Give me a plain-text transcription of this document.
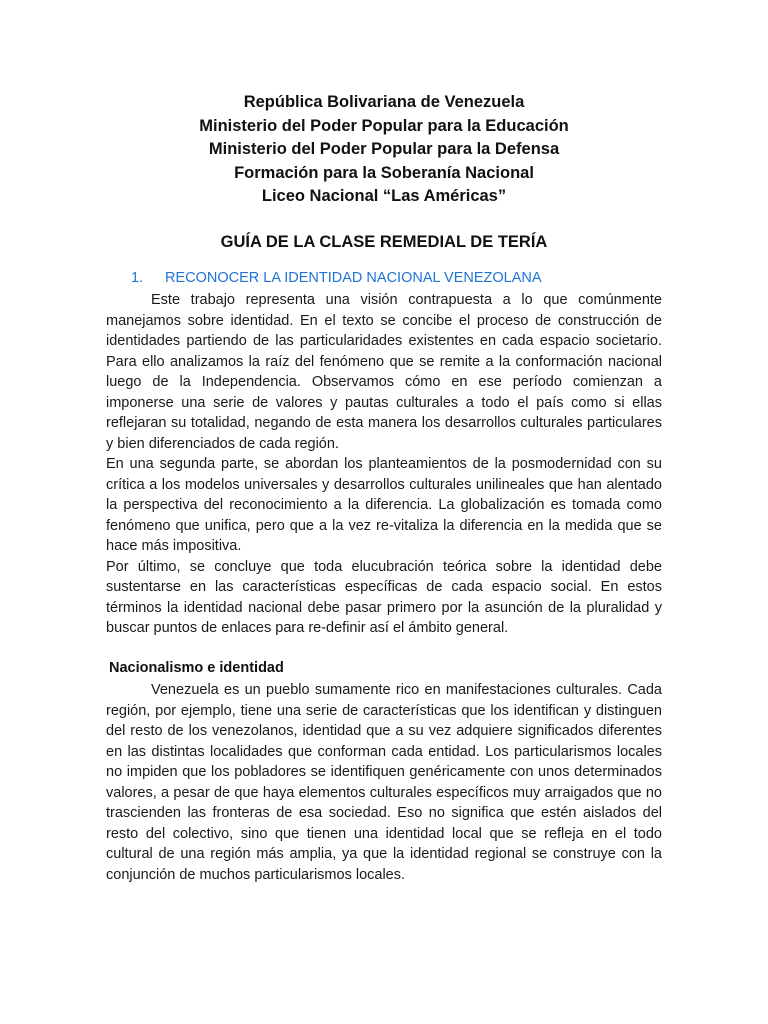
República Bolivariana de Venezuela
Ministerio del Poder Popular para la Educación
Ministerio del Poder Popular para la Defensa
Formación para la Soberanía Nacional
Liceo Nacional “Las Américas”
GUÍA DE LA CLASE REMEDIAL DE TERÍA
1. RECONOCER LA IDENTIDAD NACIONAL VENEZOLANA

Este trabajo representa una visión contrapuesta a lo que comúnmente manejamos sobre identidad. En el texto se concibe el proceso de construcción de identidades partiendo de las particularidades existentes en cada espacio societario. Para ello analizamos la raíz del fenómeno que se remite a la conformación nacional luego de la Independencia. Observamos cómo en ese período comienzan a imponerse una serie de valores y pautas culturales a todo el país como si ellas reflejaran su totalidad, negando de esta manera los desarrollos culturales particulares y bien diferenciados de cada región.

En una segunda parte, se abordan los planteamientos de la posmodernidad con su crítica a los modelos universales y desarrollos culturales unilineales que han alentado la perspectiva del reconocimiento a la diferencia. La globalización es tomada como fenómeno que unifica, pero que a la vez re-vitaliza la diferencia en la medida que se hace más impositiva.

Por último, se concluye que toda elucubración teórica sobre la identidad debe sustentarse en las características específicas de cada espacio social. En estos términos la identidad nacional debe pasar primero por la asunción de la pluralidad y buscar puntos de enlaces para re-definir así el ámbito general.

Nacionalismo e identidad

Venezuela es un pueblo sumamente rico en manifestaciones culturales. Cada región, por ejemplo, tiene una serie de características que los identifican y distinguen del resto de los venezolanos, identidad que a su vez adquiere significados diferentes en las distintas localidades que conforman cada entidad. Los particularismos locales no impiden que los pobladores se identifiquen genéricamente con unos determinados valores, a pesar de que haya elementos culturales específicos muy arraigados que no trascienden las fronteras de esa sociedad. Eso no significa que estén aislados del resto del colectivo, sino que tienen una identidad local que se refleja en el todo cultural de una región más amplia, ya que la identidad regional se construye con la conjunción de muchos particularismos locales.
